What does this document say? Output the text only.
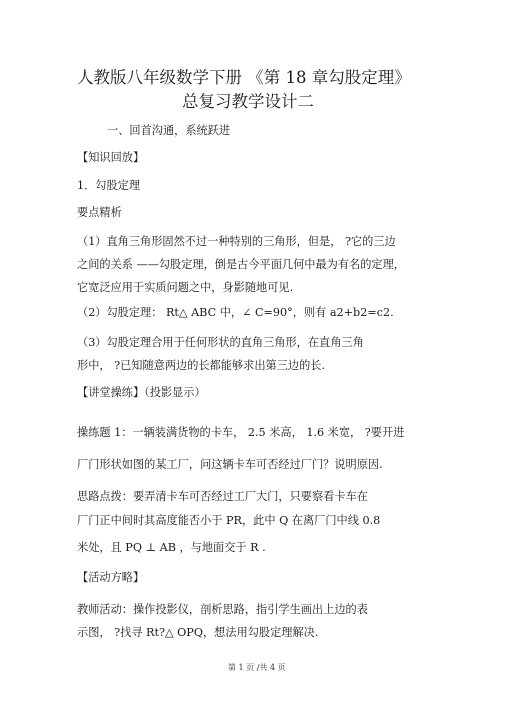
人教版八年级数学下册 《第 18 章勾股定理》
总复习教学设计二
一、回首沟通，系统跃进
【知识回放】
1．勾股定理
要点精析
（1）直角三角形固然不过一种特别的三角形，但是， ?它的三边
之间的关系 ——勾股定理，倒是古今平面几何中最为有名的定理，
它宽泛应用于实质问题之中，身影随地可见.
（2）勾股定理： Rt△ ABC 中，∠ C=90°，则有 a2+b2=c2.
（3）勾股定理合用于任何形状的直角三角形，在直角三角
形中， ?已知随意两边的长都能够求出第三边的长.
【讲堂操练】（投影显示）
操练题 1：一辆装满货物的卡车， 2.5 米高， 1.6 米宽， ?要开进
厂门形状如图的某工厂，问这辆卡车可否经过厂门？说明原因.
思路点拨：要弄清卡车可否经过工厂大门，只要察看卡车在
厂门正中间时其高度能否小于 PR，此中 Q 在离厂门中线 0.8
米处，且 PQ ⊥ AB ，与地面交于 R .
【活动方略】
教师活动：操作投影仪，剖析思路，指引学生画出上边的表
示图， ?找寻 Rt?△ OPQ，想法用勾股定理解决.
第 1 页 /共 4 页
